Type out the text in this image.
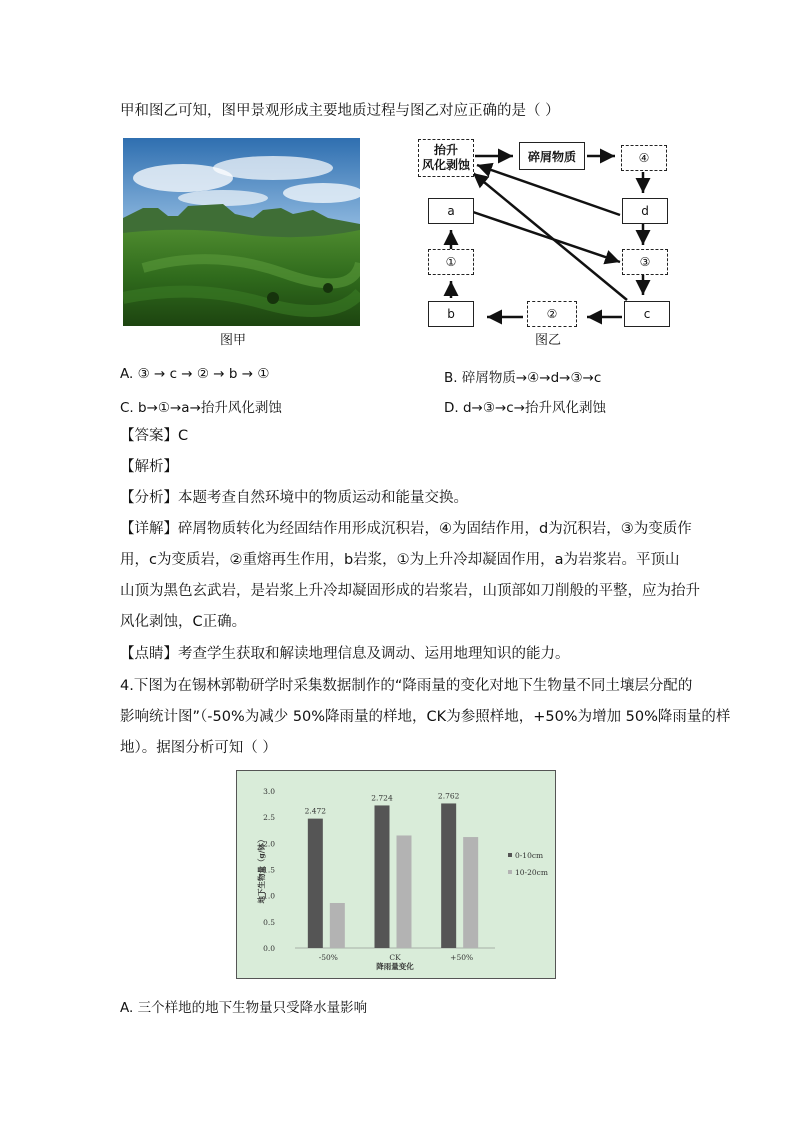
甲和图乙可知，图甲景观形成主要地质过程与图乙对应正确的是（ ）
图甲
抬升
风化剥蚀
碎屑物质	④
a	d
①	③
b	②	c
图乙
A. ③ → c → ② → b → ①	B. 碎屑物质→④→d→③→c
C. b→①→a→抬升风化剥蚀	D. d→③→c→抬升风化剥蚀
【答案】C
【解析】
【分析】本题考查自然环境中的物质运动和能量交换。
【详解】碎屑物质转化为经固结作用形成沉积岩，④为固结作用，d为沉积岩，③为变质作
用，c为变质岩，②重熔再生作用，b岩浆，①为上升冷却凝固作用，a为岩浆岩。平顶山
山顶为黑色玄武岩，是岩浆上升冷却凝固形成的岩浆岩，山顶部如刀削般的平整，应为抬升
风化剥蚀，C正确。
【点睛】考查学生获取和解读地理信息及调动、运用地理知识的能力。
4.下图为在锡林郭勒研学时采集数据制作的“降雨量的变化对地下生物量不同土壤层分配的
影响统计图”（-50%为减少 50%降雨量的样地，CK为参照样地，+50%为增加 50%降雨量的样
地）。据图分析可知（ ）
3.0
2.5
2.0
1.5
1.0
0.5
0.0
地下生物量（g/钵）
2.472
-50%
2.724
CK
2.762
+50%
降雨量变化
0-10cm
10-20cm
A. 三个样地的地下生物量只受降水量影响
